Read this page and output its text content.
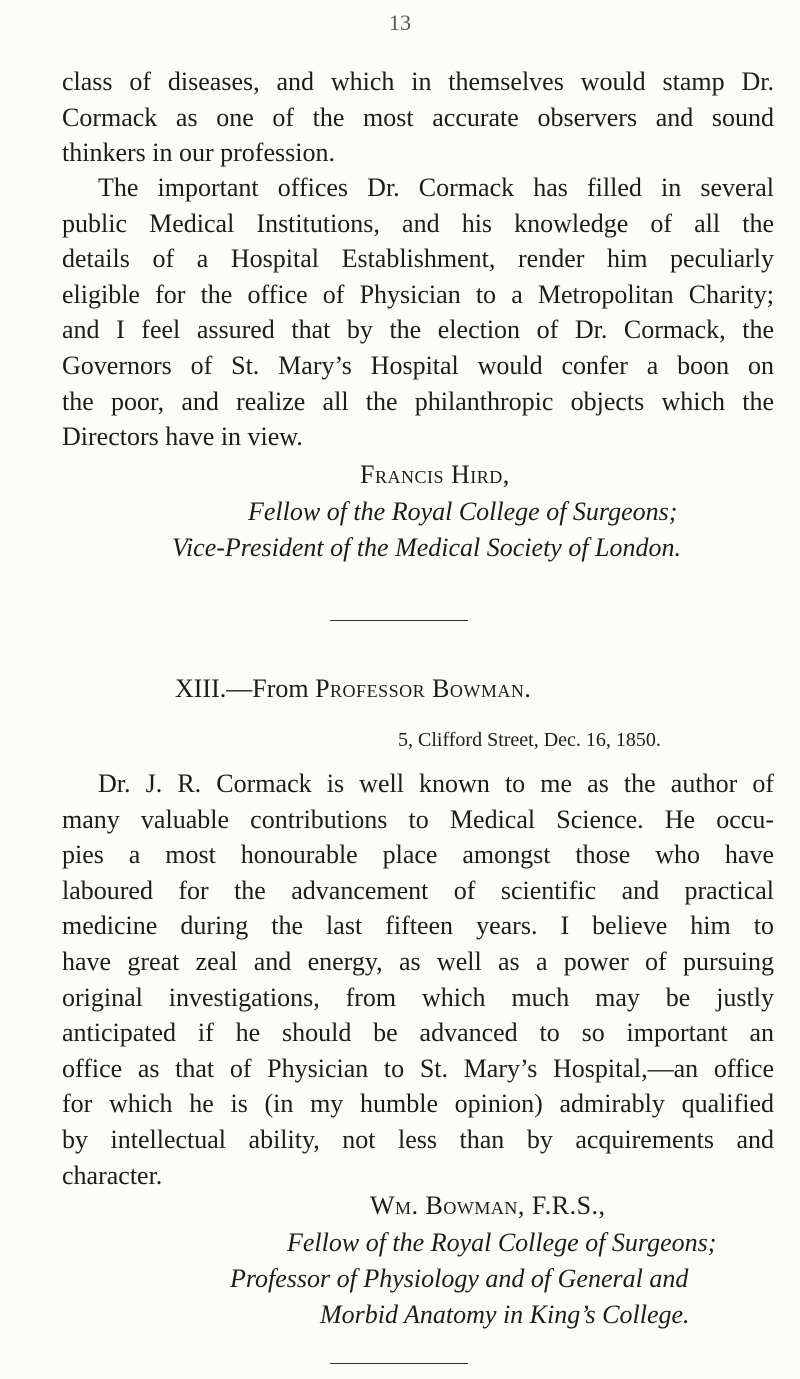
13
class of diseases, and which in themselves would stamp Dr.
Cormack as one of the most accurate observers and sound
thinkers in our profession.
The important offices Dr. Cormack has filled in several
public Medical Institutions, and his knowledge of all the
details of a Hospital Establishment, render him peculiarly
eligible for the office of Physician to a Metropolitan Charity;
and I feel assured that by the election of Dr. Cormack, the
Governors of St. Mary’s Hospital would confer a boon on
the poor, and realize all the philanthropic objects which the
Directors have in view.
Francis Hird,
Fellow of the Royal College of Surgeons;
Vice-President of the Medical Society of London.
XIII.—From Professor Bowman.
5, Clifford Street, Dec. 16, 1850.
Dr. J. R. Cormack is well known to me as the author of
many valuable contributions to Medical Science. He occu-
pies a most honourable place amongst those who have
laboured for the advancement of scientific and practical
medicine during the last fifteen years. I believe him to
have great zeal and energy, as well as a power of pursuing
original investigations, from which much may be justly
anticipated if he should be advanced to so important an
office as that of Physician to St. Mary’s Hospital,—an office
for which he is (in my humble opinion) admirably qualified
by intellectual ability, not less than by acquirements and
character.
Wm. Bowman, F.R.S.,
Fellow of the Royal College of Surgeons;
Professor of Physiology and of General and
Morbid Anatomy in King’s College.
